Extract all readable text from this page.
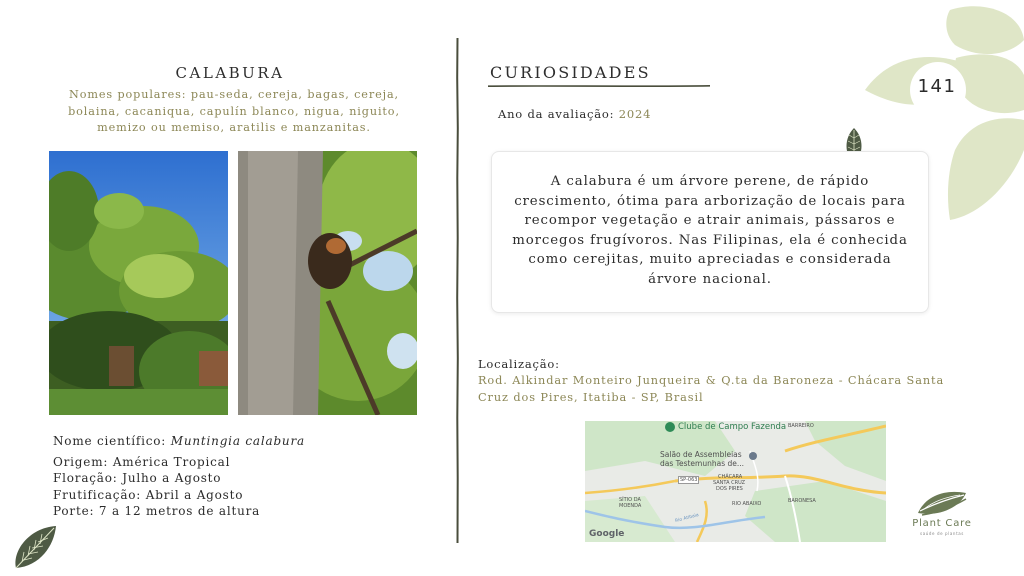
CALABURA
Nomes populares: pau-seda, cereja, bagas, cereja, bolaina, cacaniqua, capulín blanco, nigua, niguito, memizo ou memiso, aratilis e manzanitas.
Nome científico: Muntingia calabura
Origem: América Tropical
Floração: Julho a Agosto
Frutificação: Abril a Agosto
Porte: 7 a 12 metros de altura
CURIOSIDADES
Ano da avaliação: 2024
A calabura é um árvore perene, de rápido crescimento, ótima para arborização de locais para recompor vegetação e atrair animais, pássaros e morcegos frugívoros. Nas Filipinas, ela é conhecida como cerejitas, muito apreciadas e considerada árvore nacional.
Localização:
Rod. Alkindar Monteiro Junqueira & Q.ta da Baroneza - Chácara Santa Cruz dos Pires, Itatiba - SP, Brasil
Clube de Campo Fazenda
Salão de Assembleias
das Testemunhas de...
BARREIRO
SP-063	CHÁCARA
SANTA CRUZ
DOS PIRES
SÍTIO DA
MOENDA
BARONESA
RIO ABAIXO
Rio Atibaia
Google
141
Plant Care
saúde de plantas
